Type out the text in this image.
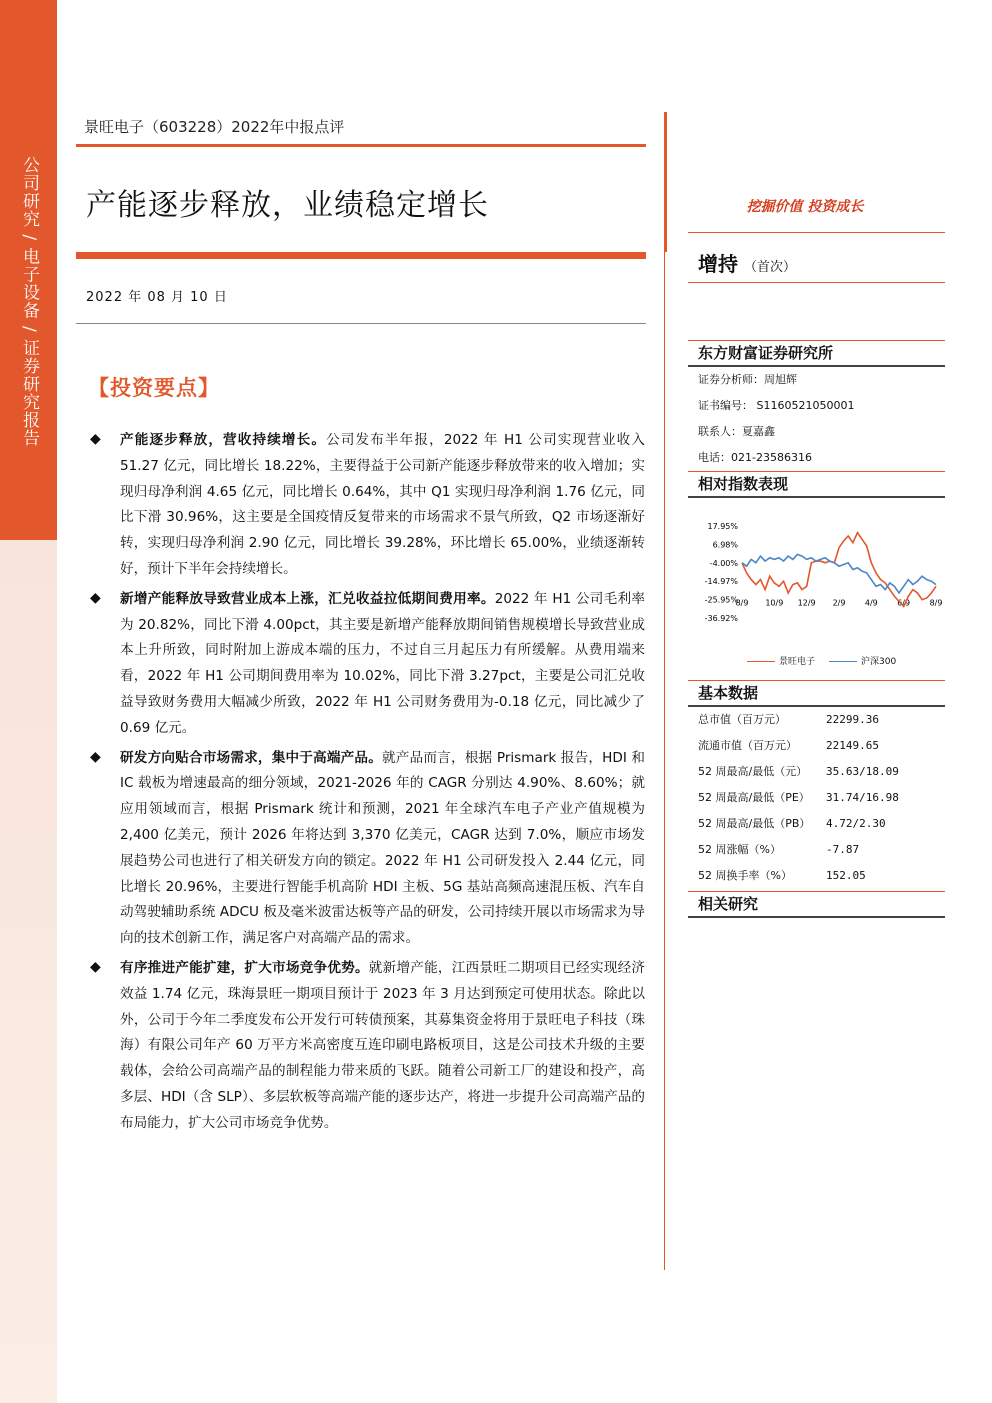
公司研究 / 电子设备 / 证券研究报告
景旺电子（603228）2022年中报点评
产能逐步释放，业绩稳定增长
2022 年 08 月 10 日
【投资要点】
◆ 产能逐步释放，营收持续增长。公司发布半年报，2022 年 H1 公司实现营业收入 51.27 亿元，同比增长 18.22%，主要得益于公司新产能逐步释放带来的收入增加；实现归母净利润 4.65 亿元，同比增长 0.64%，其中 Q1 实现归母净利润 1.76 亿元，同比下滑 30.96%，这主要是全国疫情反复带来的市场需求不景气所致，Q2 市场逐渐好转，实现归母净利润 2.90 亿元，同比增长 39.28%，环比增长 65.00%，业绩逐渐转好，预计下半年会持续增长。

◆ 新增产能释放导致营业成本上涨，汇兑收益拉低期间费用率。2022 年 H1 公司毛利率为 20.82%，同比下滑 4.00pct，其主要是新增产能释放期间销售规模增长导致营业成本上升所致，同时附加上游成本端的压力，不过自三月起压力有所缓解。从费用端来看，2022 年 H1 公司期间费用率为 10.02%，同比下滑 3.27pct，主要是公司汇兑收益导致财务费用大幅减少所致，2022 年 H1 公司财务费用为-0.18 亿元，同比减少了 0.69 亿元。

◆ 研发方向贴合市场需求，集中于高端产品。就产品而言，根据 Prismark 报告，HDI 和 IC 载板为增速最高的细分领域，2021-2026 年的 CAGR 分别达 4.90%、8.60%；就应用领域而言，根据 Prismark 统计和预测，2021 年全球汽车电子产业产值规模为 2,400 亿美元，预计 2026 年将达到 3,370 亿美元，CAGR 达到 7.0%，顺应市场发展趋势公司也进行了相关研发方向的锁定。2022 年 H1 公司研发投入 2.44 亿元，同比增长 20.96%，主要进行智能手机高阶 HDI 主板、5G 基站高频高速混压板、汽车自动驾驶辅助系统 ADCU 板及毫米波雷达板等产品的研发，公司持续开展以市场需求为导向的技术创新工作，满足客户对高端产品的需求。

◆ 有序推进产能扩建，扩大市场竞争优势。就新增产能，江西景旺二期项目已经实现经济效益 1.74 亿元，珠海景旺一期项目预计于 2023 年 3 月达到预定可使用状态。除此以外，公司于今年二季度发布公开发行可转债预案，其募集资金将用于景旺电子科技（珠海）有限公司年产 60 万平方米高密度互连印刷电路板项目，这是公司技术升级的主要载体，会给公司高端产品的制程能力带来质的飞跃。随着公司新工厂的建设和投产，高多层、HDI（含 SLP）、多层软板等高端产能的逐步达产，将进一步提升公司高端产品的布局能力，扩大公司市场竞争优势。

挖掘价值 投资成长
增持 （首次）
东方财富证券研究所
证券分析师：周旭辉
证书编号： S1160521050001
联系人：夏嘉鑫
电话：021-23586316
相对指数表现
17.95%
6.98%
-4.00%
-14.97%
-25.95%
-36.92%
8/9 10/9 12/9 2/9 4/9 6/9 8/9
景旺电子	沪深300
基本数据
总市值（百万元）	22299.36
流通市值（百万元）	22149.65
52 周最高/最低（元）	35.63/18.09
52 周最高/最低（PE）	31.74/16.98
52 周最高/最低（PB）	4.72/2.30
52 周涨幅（%）	-7.87
52 周换手率（%）	152.05
相关研究
